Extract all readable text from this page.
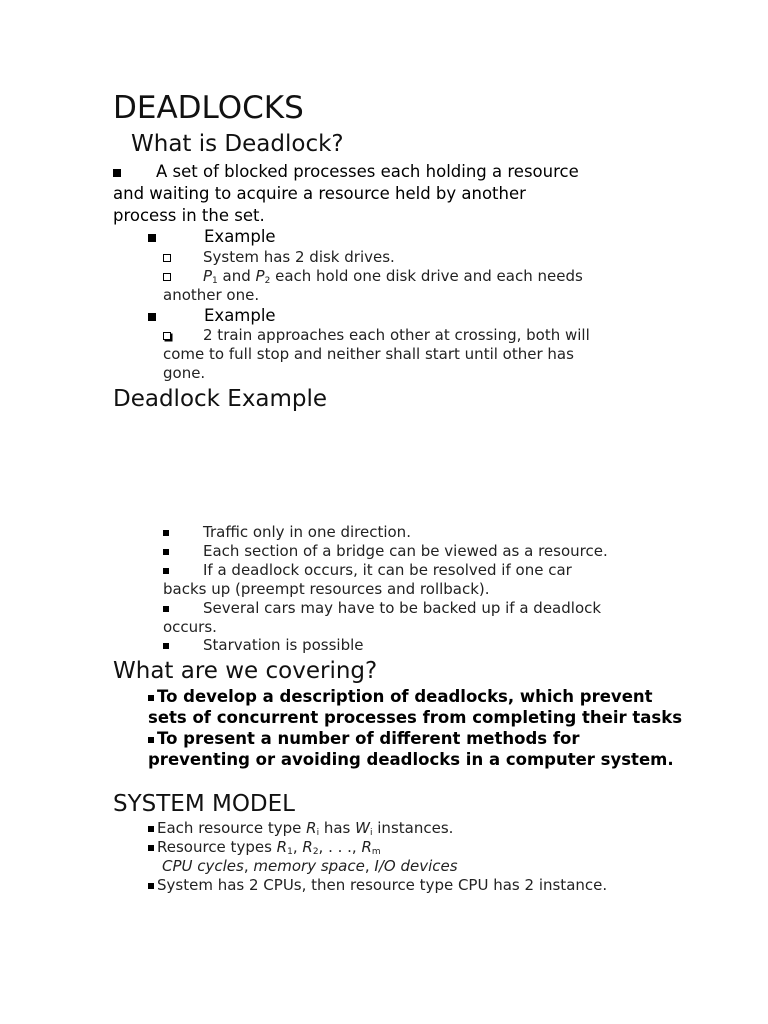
DEADLOCKS
What is Deadlock?
A set of blocked processes each holding a resource
and waiting to acquire a resource held by another
process in the set.
Example
System has 2 disk drives.
$P_1$ and $P_2$ each hold one disk drive and each needs
another one.
Example
2 train approaches each other at crossing, both will
come to full stop and neither shall start until other has
gone.
Deadlock Example
Traffic only in one direction.
Each section of a bridge can be viewed as a resource.
If a deadlock occurs, it can be resolved if one car
backs up (preempt resources and rollback).
Several cars may have to be backed up if a deadlock
occurs.
Starvation is possible
What are we covering?
To develop a description of deadlocks, which prevent
sets of concurrent processes from completing their tasks
To present a number of different methods for
preventing or avoiding deadlocks in a computer system.
SYSTEM MODEL
Each resource type $R_i$ has $W_i$ instances.
Resource types $R_1$, $R_2$, . . ., $R_m$
CPU cycles, memory space, I/O devices
System has 2 CPUs, then resource type CPU has 2 instance.
